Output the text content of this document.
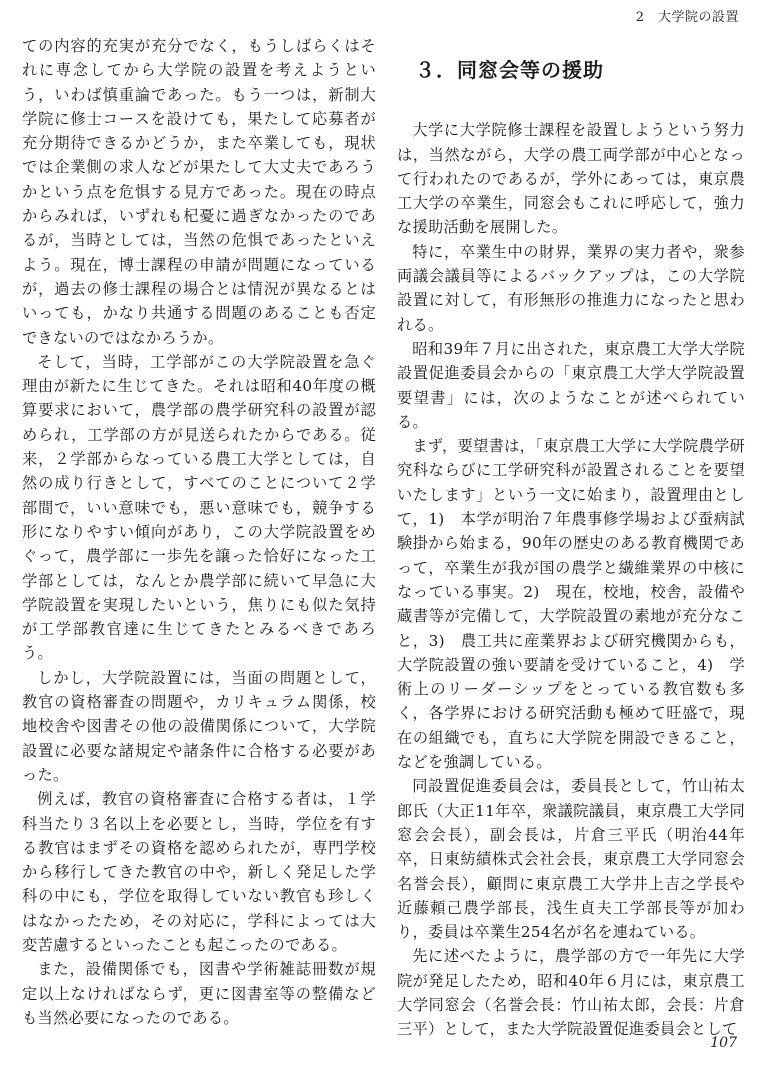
2　大学院の設置

ての内容的充実が充分でなく，もうしばらくはそれに専念してから大学院の設置を考えようという，いわば慎重論であった。もう一つは，新制大学院に修士コースを設けても，果たして応募者が充分期待できるかどうか，また卒業しても，現状では企業側の求人などが果たして大丈夫であろうかという点を危惧する見方であった。現在の時点からみれば，いずれも杞憂に過ぎなかったのであるが，当時としては，当然の危惧であったといえよう。現在，博士課程の申請が問題になっているが，過去の修士課程の場合とは情況が異なるとはいっても，かなり共通する問題のあることも否定できないのではなかろうか。

そして，当時，工学部がこの大学院設置を急ぐ理由が新たに生じてきた。それは昭和40年度の概算要求において，農学部の農学研究科の設置が認められ，工学部の方が見送られたからである。従来，２学部からなっている農工大学としては，自然の成り行きとして，すべてのことについて２学部間で，いい意味でも，悪い意味でも，競争する形になりやすい傾向があり，この大学院設置をめぐって，農学部に一歩先を譲った恰好になった工学部としては，なんとか農学部に続いて早急に大学院設置を実現したいという，焦りにも似た気持が工学部教官達に生じてきたとみるべきであろう。

しかし，大学院設置には，当面の問題として，教官の資格審査の問題や，カリキュラム関係，校地校舎や図書その他の設備関係について，大学院設置に必要な諸規定や諸条件に合格する必要があった。

例えば，教官の資格審査に合格する者は，１学科当たり３名以上を必要とし，当時，学位を有する教官はまずその資格を認められたが，専門学校から移行してきた教官の中や，新しく発足した学科の中にも，学位を取得していない教官も珍しくはなかったため，その対応に，学科によっては大変苦慮するといったことも起こったのである。

また，設備関係でも，図書や学術雑誌冊数が規定以上なければならず，更に図書室等の整備なども当然必要になったのである。

３．同窓会等の援助

大学に大学院修士課程を設置しようという努力は，当然ながら，大学の農工両学部が中心となって行われたのであるが，学外にあっては，東京農工大学の卒業生，同窓会もこれに呼応して，強力な援助活動を展開した。

特に，卒業生中の財界，業界の実力者や，衆参両議会議員等によるバックアップは，この大学院設置に対して，有形無形の推進力になったと思われる。

昭和39年７月に出された，東京農工大学大学院設置促進委員会からの「東京農工大学大学院設置要望書」には，次のようなことが述べられている。

まず，要望書は，「東京農工大学に大学院農学研究科ならびに工学研究科が設置されることを要望いたします」という一文に始まり，設置理由として，1)　本学が明治７年農事修学場および蚕病試験掛から始まる，90年の歴史のある教育機関であって，卒業生が我が国の農学と繊維業界の中核になっている事実。2)　現在，校地，校舎，設備や蔵書等が完備して，大学院設置の素地が充分なこと，3)　農工共に産業界および研究機関からも，大学院設置の強い要請を受けていること，4)　学術上のリーダーシップをとっている教官数も多く，各学界における研究活動も極めて旺盛で，現在の組織でも，直ちに大学院を開設できること，などを強調している。

同設置促進委員会は，委員長として，竹山祐太郎氏（大正11年卒，衆議院議員，東京農工大学同窓会会長），副会長は，片倉三平氏（明治44年卒，日東紡績株式会社会長，東京農工大学同窓会名誉会長），顧問に東京農工大学井上吉之学長や近藤頼己農学部長，浅生貞夫工学部長等が加わり，委員は卒業生254名が名を連ねている。

先に述べたように，農学部の方で一年先に大学院が発足したため，昭和40年６月には，東京農工大学同窓会（名誉会長：竹山祐太郎，会長：片倉三平）として，また大学院設置促進委員会として

107
